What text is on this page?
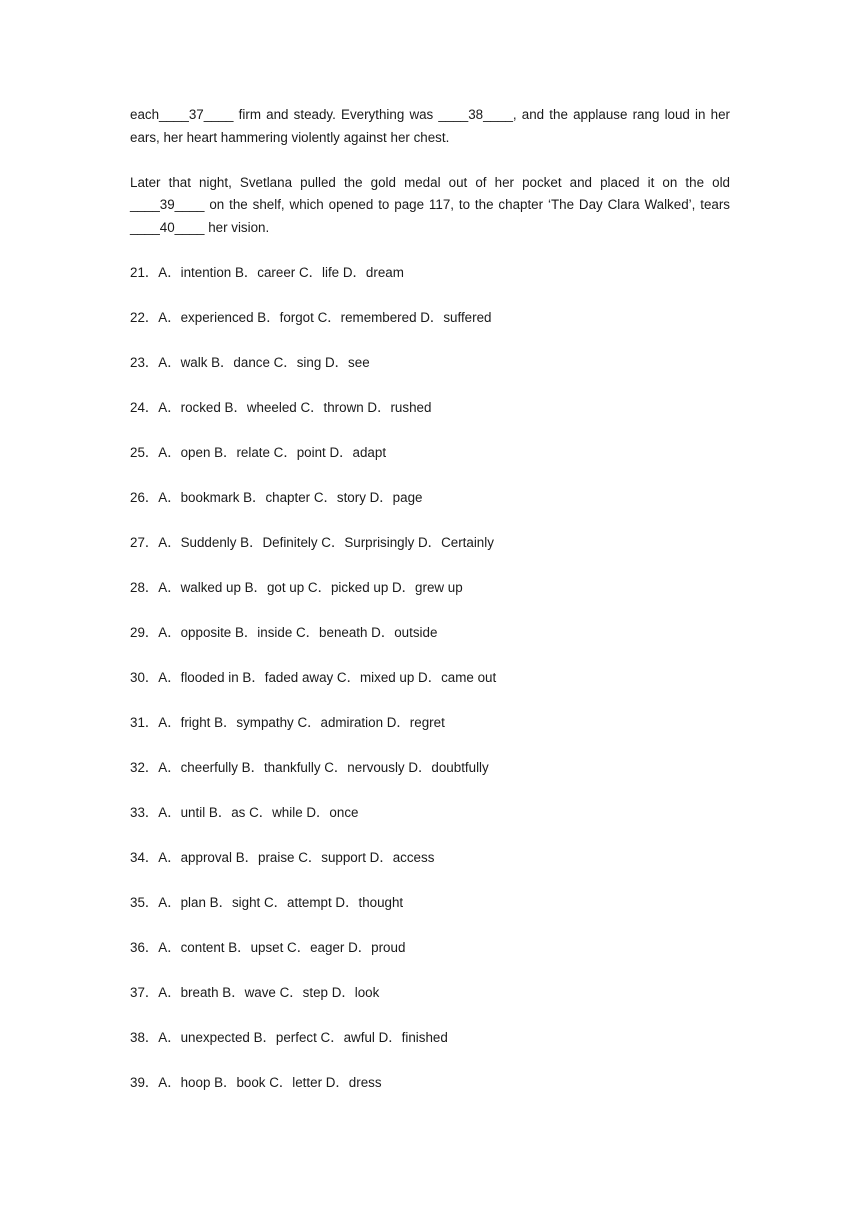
each____37____ firm and steady. Everything was ____38____, and the applause rang loud in her ears, her heart hammering violently against her chest.

Later that night, Svetlana pulled the gold medal out of her pocket and placed it on the old ____39____ on the shelf, which opened to page 117, to the chapter ‘The Day Clara Walked’, tears ____40____ her vision.

21．A．intention B．career C．life D．dream

22．A．experienced B．forgot C．remembered D．suffered

23．A．walk B．dance C．sing D．see

24．A．rocked B．wheeled C．thrown D．rushed

25．A．open B．relate C．point D．adapt

26．A．bookmark B．chapter C．story D．page

27．A．Suddenly B．Definitely C．Surprisingly D．Certainly

28．A．walked up B．got up C．picked up D．grew up

29．A．opposite B．inside C．beneath D．outside

30．A．flooded in B．faded away C．mixed up D．came out

31．A．fright B．sympathy C．admiration D．regret

32．A．cheerfully B．thankfully C．nervously D．doubtfully

33．A．until B．as C．while D．once

34．A．approval B．praise C．support D．access

35．A．plan B．sight C．attempt D．thought

36．A．content B．upset C．eager D．proud

37．A．breath B．wave C．step D．look

38．A．unexpected B．perfect C．awful D．finished

39．A．hoop B．book C．letter D．dress
